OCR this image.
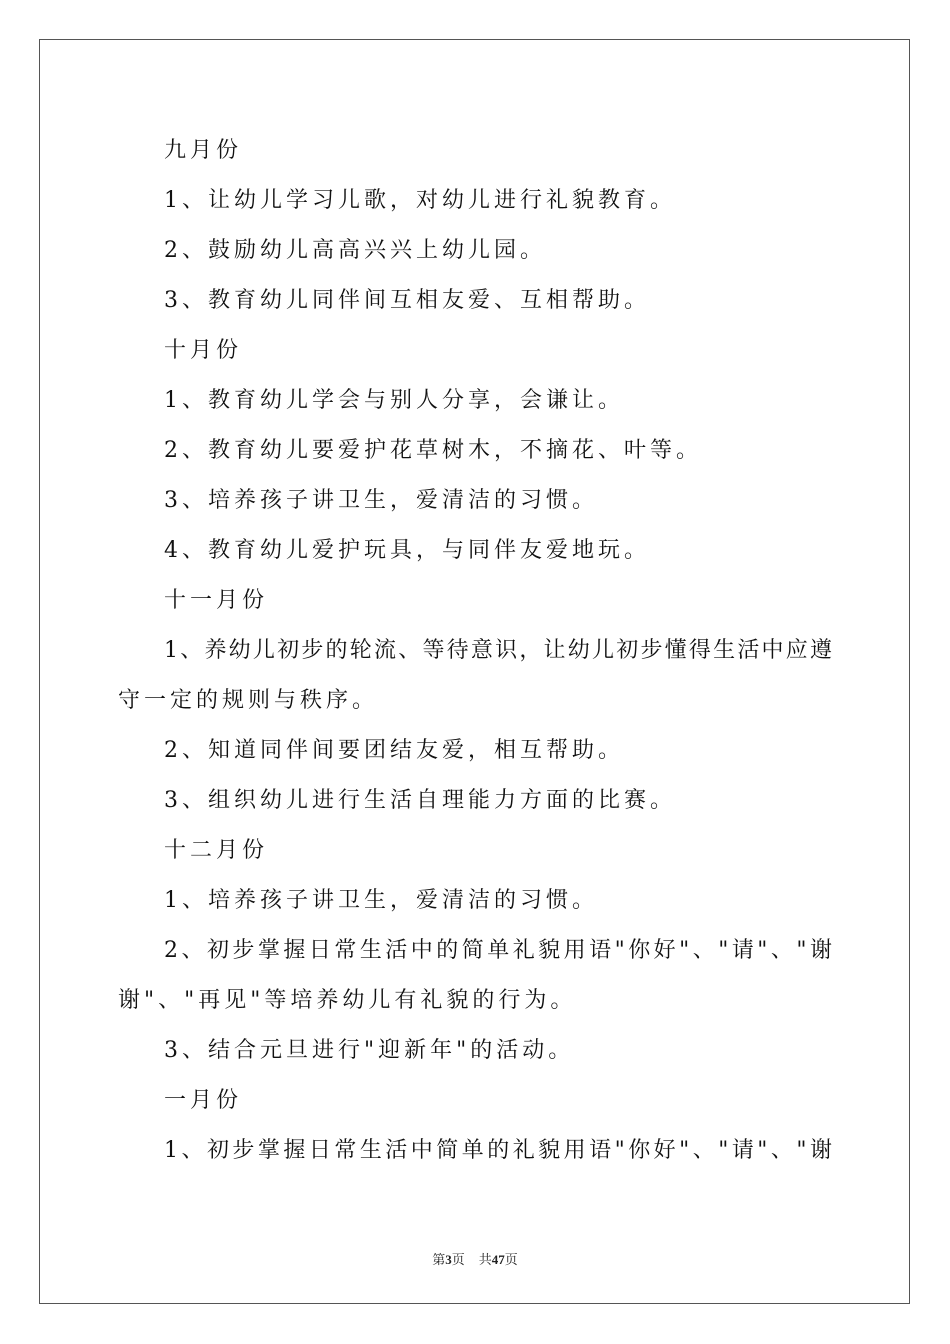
九月份
1、让幼儿学习儿歌，对幼儿进行礼貌教育。
2、鼓励幼儿高高兴兴上幼儿园。
3、教育幼儿同伴间互相友爱、互相帮助。
十月份
1、教育幼儿学会与别人分享，会谦让。
2、教育幼儿要爱护花草树木，不摘花、叶等。
3、培养孩子讲卫生，爱清洁的习惯。
4、教育幼儿爱护玩具，与同伴友爱地玩。
十一月份
1、养幼儿初步的轮流、等待意识，让幼儿初步懂得生活中应遵
守一定的规则与秩序。
2、知道同伴间要团结友爱，相互帮助。
3、组织幼儿进行生活自理能力方面的比赛。
十二月份
1、培养孩子讲卫生，爱清洁的习惯。
2、初步掌握日常生活中的简单礼貌用语"你好"、"请"、"谢
谢"、"再见"等培养幼儿有礼貌的行为。
3、结合元旦进行"迎新年"的活动。
一月份
1、初步掌握日常生活中简单的礼貌用语"你好"、"请"、"谢
第3页 共47页
